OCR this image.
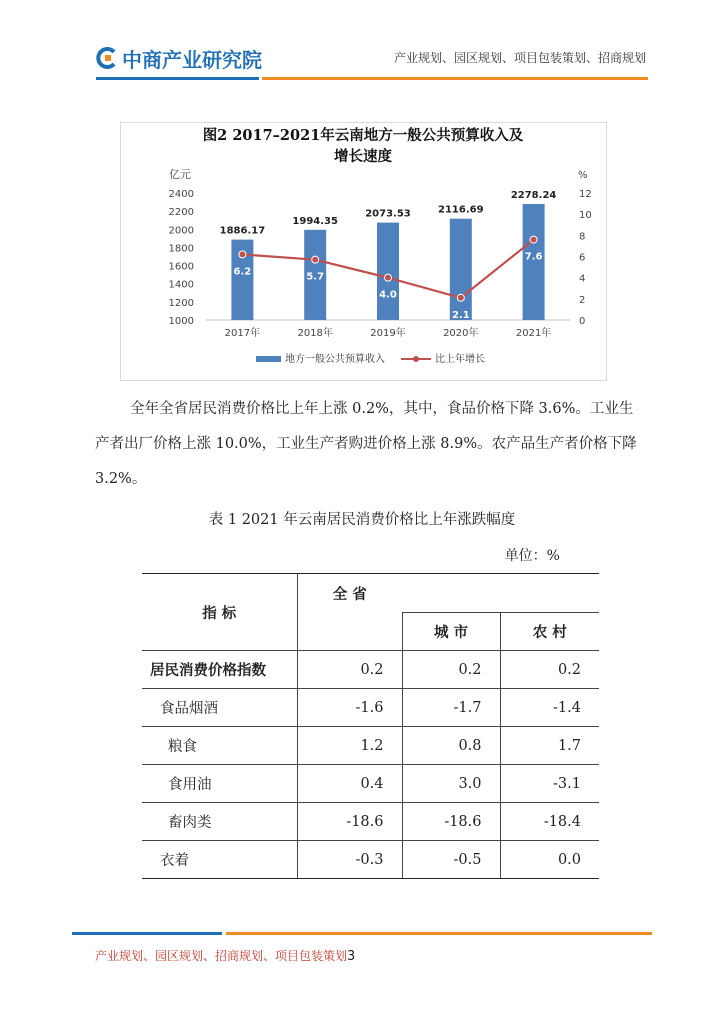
中商产业研究院	产业规划、园区规划、项目包装策划、招商规划
图2 2017–2021年云南地方一般公共预算收入及
增长速度
亿元	%
2400
2200
2000
1800
1600
1400
1200
1000
12
10
8
6
4
2
0
1886.17
1994.35
2073.53	2116.69
2278.24
2017年	2018年	2019年	2020年	2021年
6.2	5.7
4.0
2.1
7.6
地方一般公共预算收入	比上年增长

全年全省居民消费价格比上年上涨 0.2%，其中，食品价格下降 3.6%。工业生产者出厂价格上涨 10.0%，工业生产者购进价格上涨 8.9%。农产品生产者价格下降 3.2%。

表 1 2021 年云南居民消费价格比上年涨跌幅度
单位：%
指 标	全 省		
		城 市	农 村
居民消费价格指数	0.2	0.2	0.2
食品烟酒	-1.6	-1.7	-1.4
粮食	1.2	0.8	1.7
食用油	0.4	3.0	-3.1
畜肉类	-18.6	-18.6	-18.4
衣着	-0.3	-0.5	0.0
产业规划、园区规划、招商规划、项目包装策划3
